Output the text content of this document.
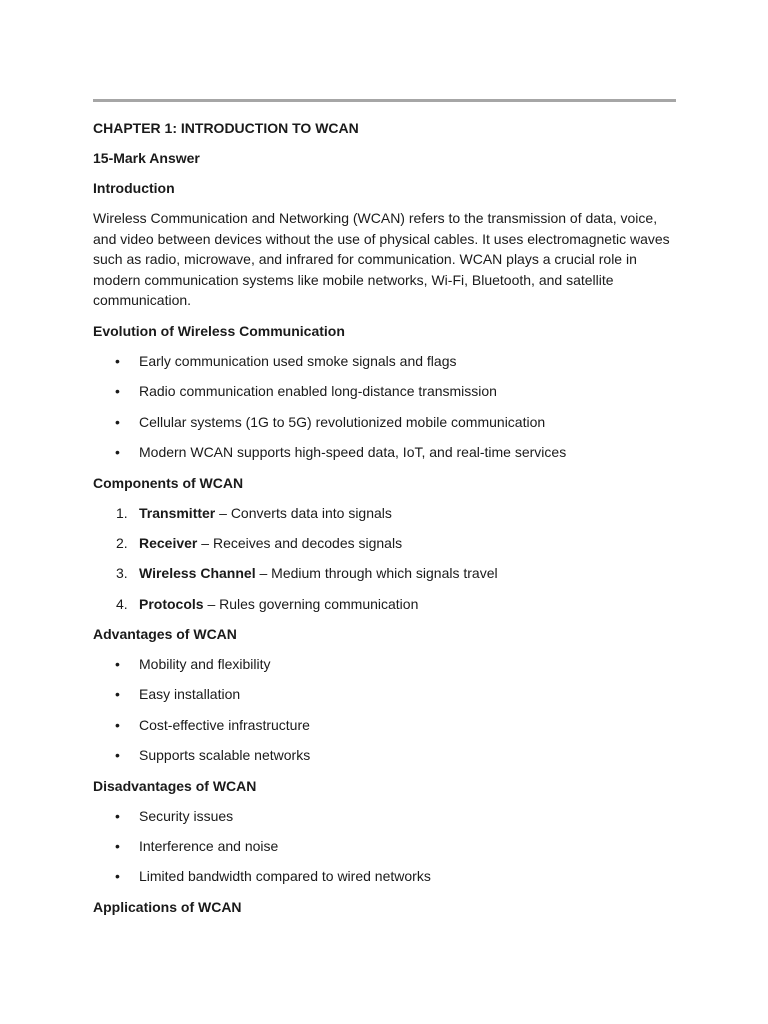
CHAPTER 1: INTRODUCTION TO WCAN
15-Mark Answer
Introduction
Wireless Communication and Networking (WCAN) refers to the transmission of data, voice, and video between devices without the use of physical cables. It uses electromagnetic waves such as radio, microwave, and infrared for communication. WCAN plays a crucial role in modern communication systems like mobile networks, Wi-Fi, Bluetooth, and satellite communication.
Evolution of Wireless Communication
• Early communication used smoke signals and flags
• Radio communication enabled long-distance transmission
• Cellular systems (1G to 5G) revolutionized mobile communication
• Modern WCAN supports high-speed data, IoT, and real-time services
Components of WCAN
1. Transmitter – Converts data into signals
2. Receiver – Receives and decodes signals
3. Wireless Channel – Medium through which signals travel
4. Protocols – Rules governing communication
Advantages of WCAN
• Mobility and flexibility
• Easy installation
• Cost-effective infrastructure
• Supports scalable networks
Disadvantages of WCAN
• Security issues
• Interference and noise
• Limited bandwidth compared to wired networks
Applications of WCAN
